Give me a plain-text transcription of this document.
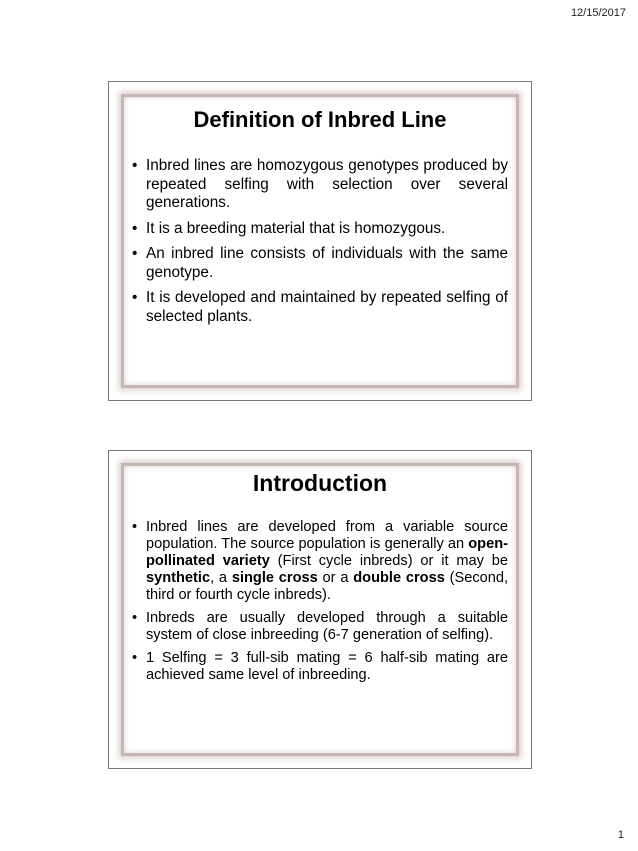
12/15/2017
Definition of Inbred Line
• Inbred lines are homozygous genotypes produced by repeated selfing with selection over several generations.
• It is a breeding material that is homozygous.
• An inbred line consists of individuals with the same genotype.
• It is developed and maintained by repeated selfing of selected plants.
Introduction
• Inbred lines are developed from a variable source population. The source population is generally an open-pollinated variety (First cycle inbreds) or it may be synthetic, a single cross or a double cross (Second, third or fourth cycle inbreds).
• Inbreds are usually developed through a suitable system of close inbreeding (6-7 generation of selfing).
• 1 Selfing = 3 full-sib mating = 6 half-sib mating are achieved same level of inbreeding.
1
